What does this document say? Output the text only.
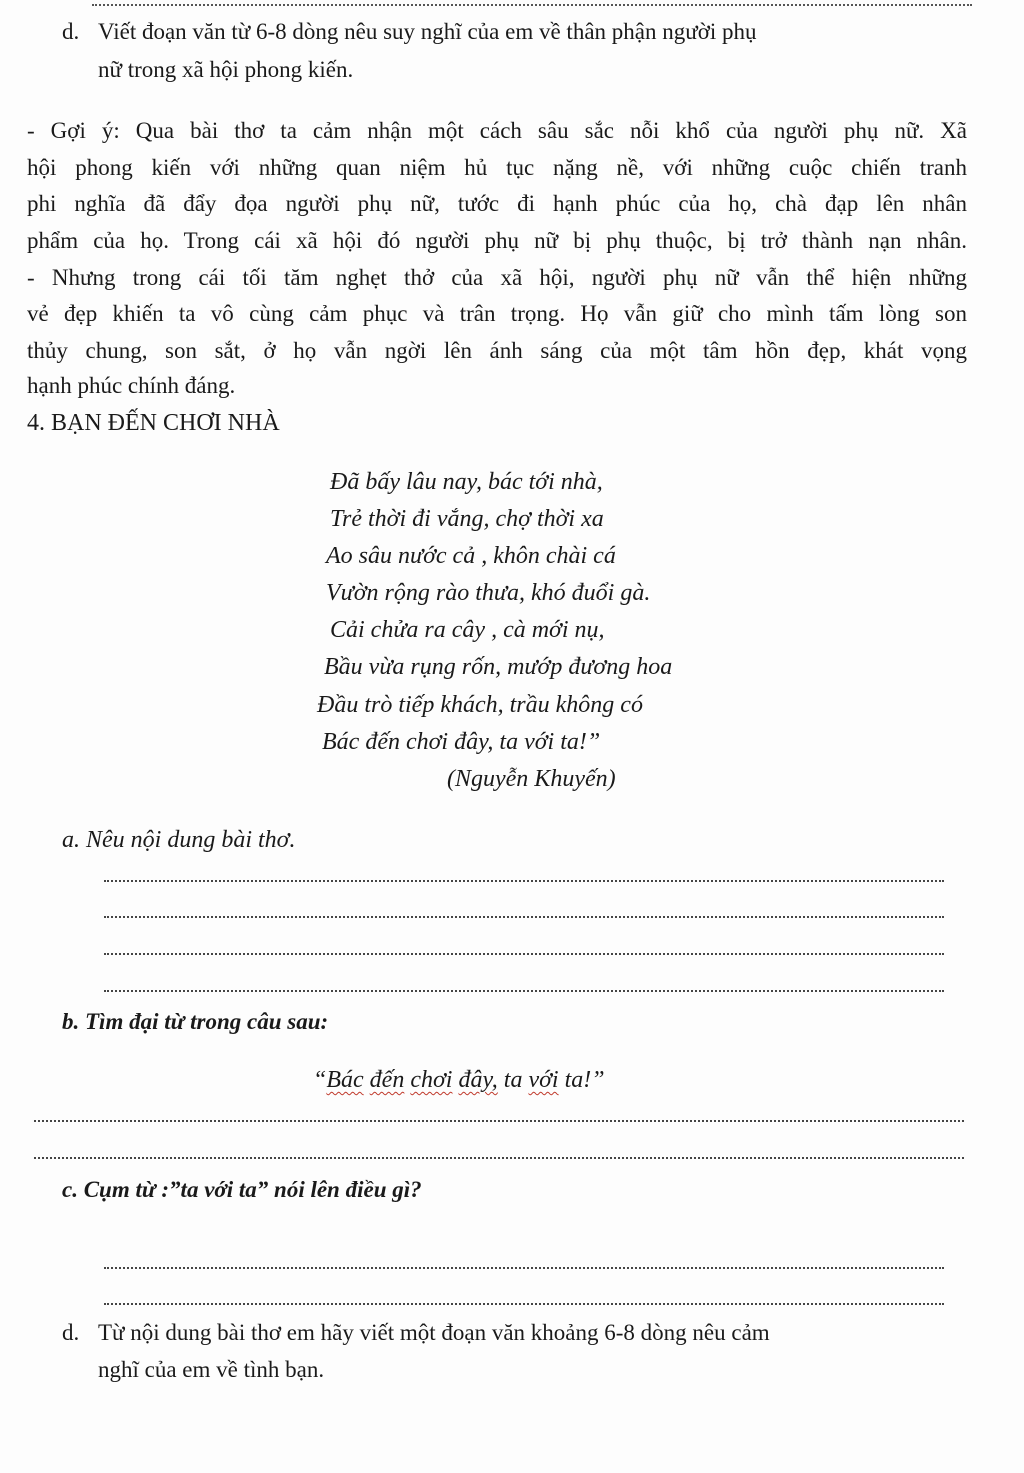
d. Viết đoạn văn từ 6-8 dòng nêu suy nghĩ của em về thân phận người phụ
nữ trong xã hội phong kiến.
- Gợi ý: Qua bài thơ ta cảm nhận một cách sâu sắc nỗi khổ của người phụ nữ. Xã
hội phong kiến với những quan niệm hủ tục nặng nề, với những cuộc chiến tranh
phi nghĩa đã đẩy đọa người phụ nữ, tước đi hạnh phúc của họ, chà đạp lên nhân
phẩm của họ. Trong cái xã hội đó người phụ nữ bị phụ thuộc, bị trở thành nạn nhân.
- Nhưng trong cái tối tăm nghẹt thở của xã hội, người phụ nữ vẫn thể hiện những
vẻ đẹp khiến ta vô cùng cảm phục và trân trọng. Họ vẫn giữ cho mình tấm lòng son
thủy chung, son sắt, ở họ vẫn ngời lên ánh sáng của một tâm hồn đẹp, khát vọng
hạnh phúc chính đáng.
4. BẠN ĐẾN CHƠI NHÀ
Đã bấy lâu nay, bác tới nhà,
Trẻ thời đi vắng, chợ thời xa
Ao sâu nước cả , khôn chài cá
Vườn rộng rào thưa, khó đuổi gà.
Cải chửa ra cây , cà mới nụ,
Bầu vừa rụng rốn, mướp đương hoa
Đầu trò tiếp khách, trầu không có
Bác đến chơi đây, ta với ta!”
(Nguyễn Khuyến)
a. Nêu nội dung bài thơ.
b. Tìm đại từ trong câu sau:
“Bác đến chơi đây, ta với ta!”
c. Cụm từ :”ta với ta” nói lên điều gì?
d. Từ nội dung bài thơ em hãy viết một đoạn văn khoảng 6-8 dòng nêu cảm
nghĩ của em về tình bạn.
